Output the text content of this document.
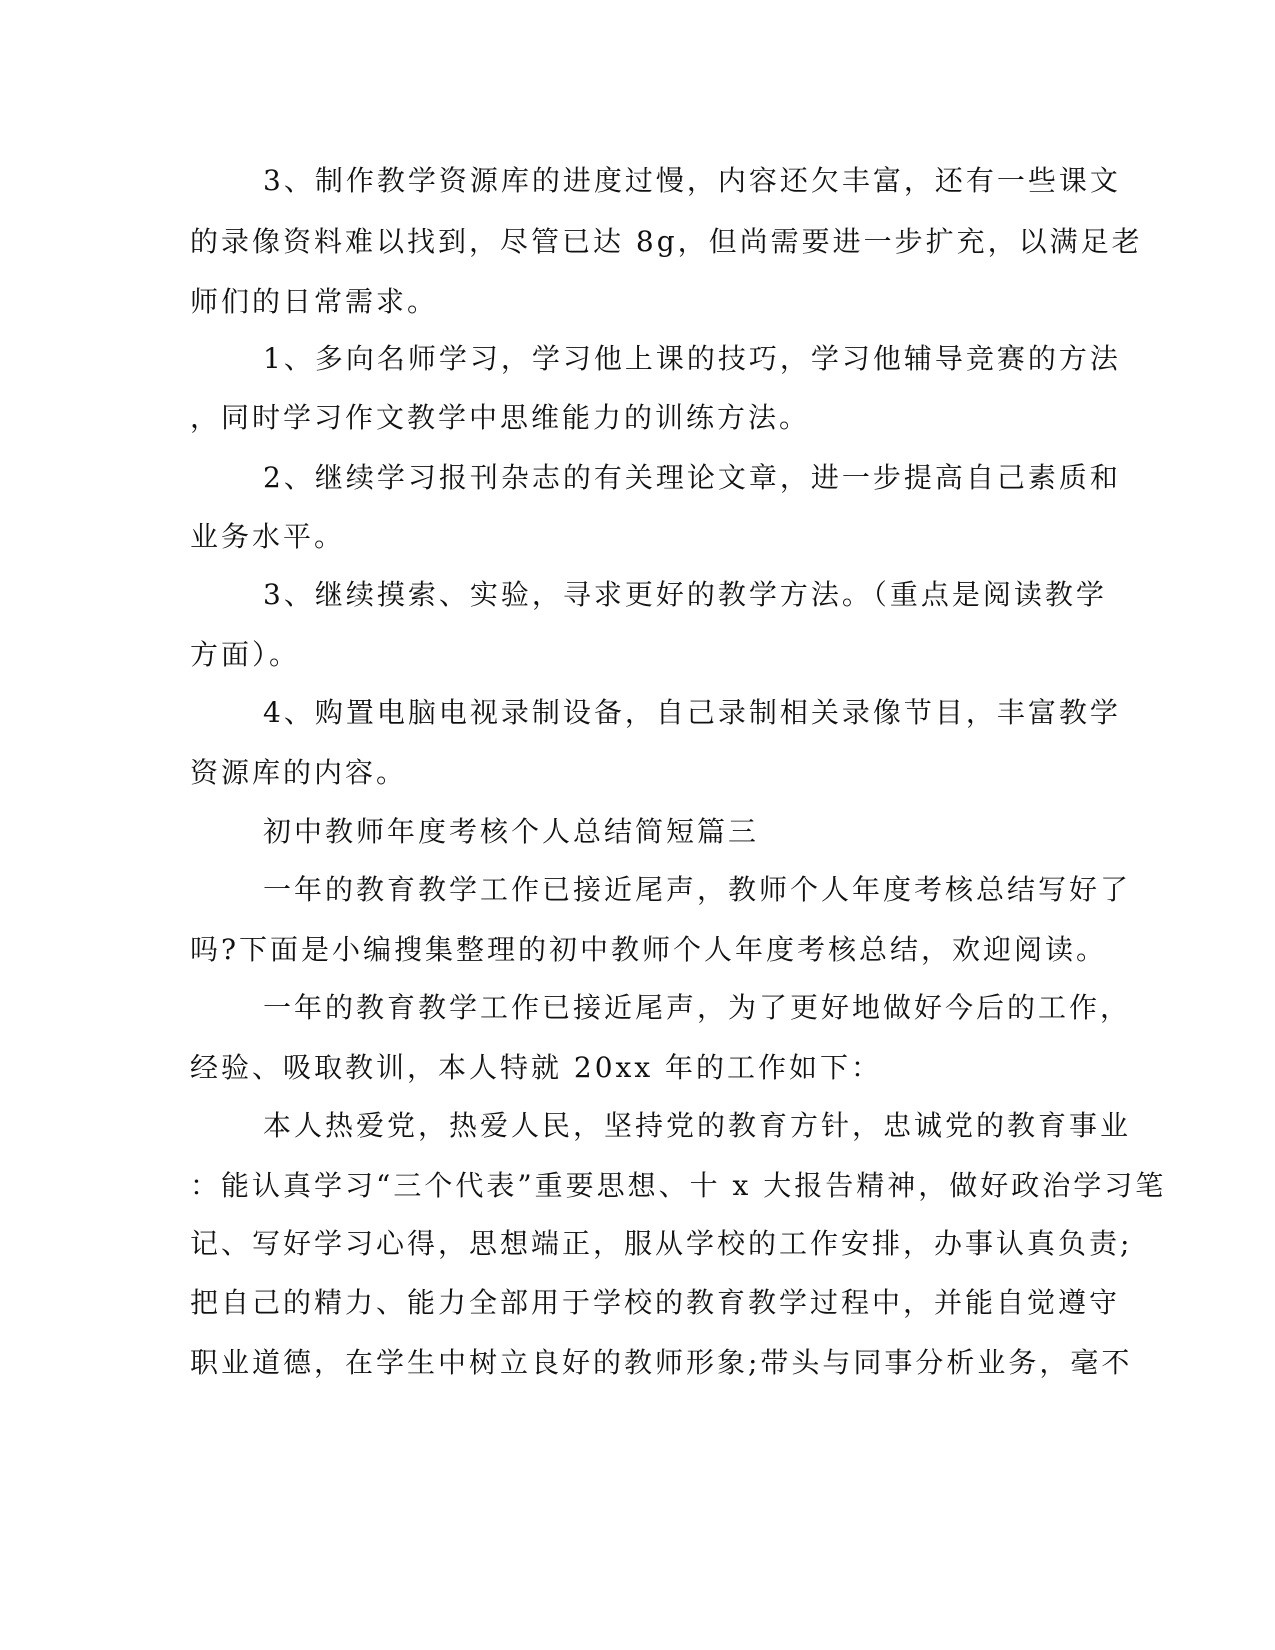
3、制作教学资源库的进度过慢，内容还欠丰富，还有一些课文
的录像资料难以找到，尽管已达 8g，但尚需要进一步扩充，以满足老
师们的日常需求。
1、多向名师学习，学习他上课的技巧，学习他辅导竞赛的方法
，同时学习作文教学中思维能力的训练方法。
2、继续学习报刊杂志的有关理论文章，进一步提高自己素质和
业务水平。
3、继续摸索、实验，寻求更好的教学方法。（重点是阅读教学
方面）。
4、购置电脑电视录制设备，自己录制相关录像节目，丰富教学
资源库的内容。
初中教师年度考核个人总结简短篇三
一年的教育教学工作已接近尾声，教师个人年度考核总结写好了
吗?下面是小编搜集整理的初中教师个人年度考核总结，欢迎阅读。
一年的教育教学工作已接近尾声，为了更好地做好今后的工作，
经验、吸取教训，本人特就 20xx 年的工作如下：
本人热爱党，热爱人民，坚持党的教育方针，忠诚党的教育事业
：能认真学习“三个代表”重要思想、十 x 大报告精神，做好政治学习笔
记、写好学习心得，思想端正，服从学校的工作安排，办事认真负责;
把自己的精力、能力全部用于学校的教育教学过程中，并能自觉遵守
职业道德，在学生中树立良好的教师形象;带头与同事分析业务，毫不
